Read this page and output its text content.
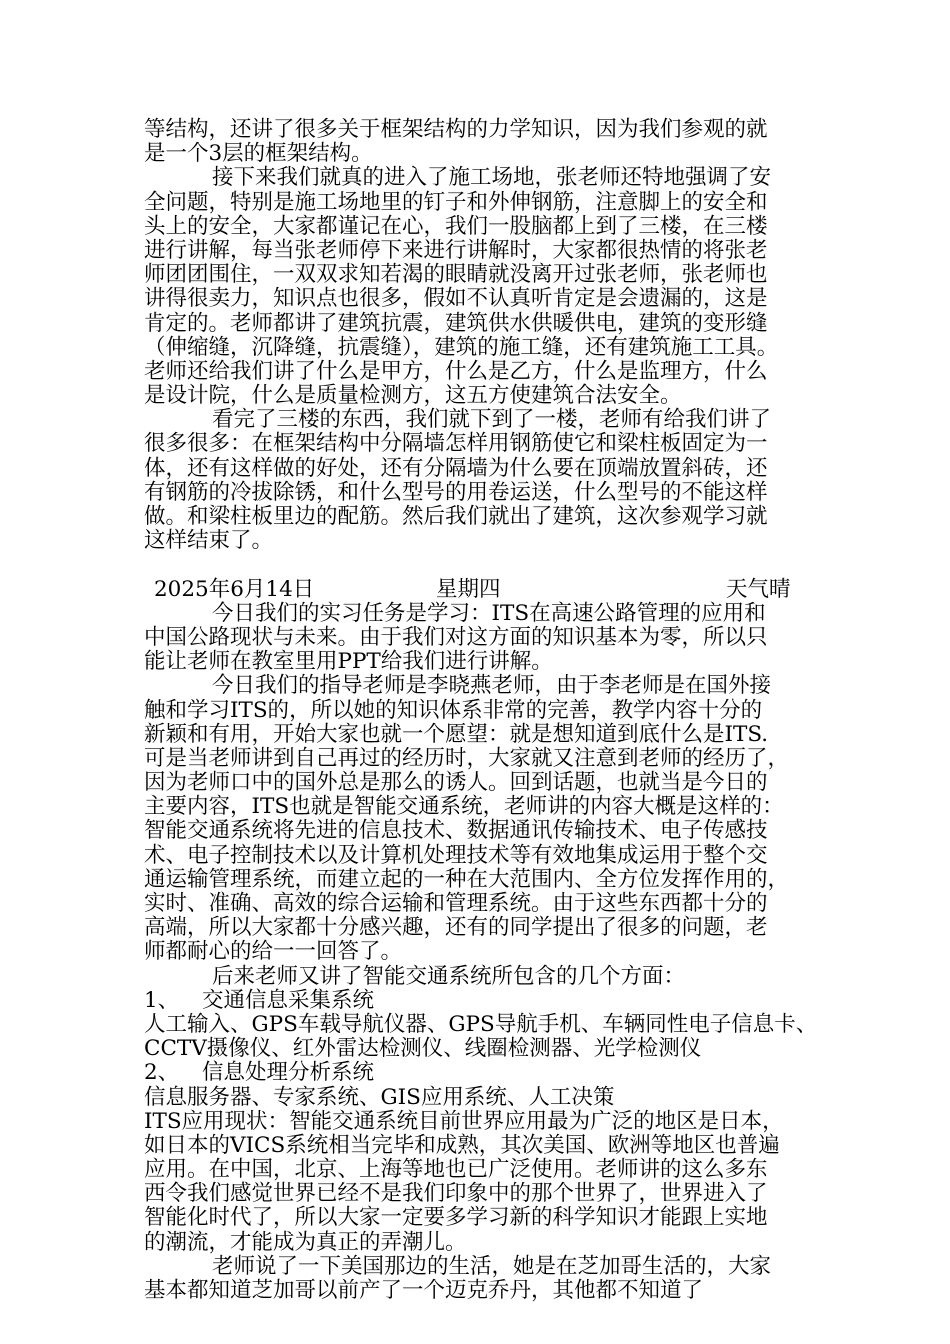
等结构，还讲了很多关于框架结构的力学知识，因为我们参观的就
是一个3层的框架结构。
接下来我们就真的进入了施工场地，张老师还特地强调了安
全问题，特别是施工场地里的钉子和外伸钢筋，注意脚上的安全和
头上的安全，大家都谨记在心，我们一股脑都上到了三楼，在三楼
进行讲解，每当张老师停下来进行讲解时，大家都很热情的将张老
师团团围住，一双双求知若渴的眼睛就没离开过张老师，张老师也
讲得很卖力，知识点也很多，假如不认真听肯定是会遗漏的，这是
肯定的。老师都讲了建筑抗震，建筑供水供暖供电，建筑的变形缝
（伸缩缝，沉降缝，抗震缝），建筑的施工缝，还有建筑施工工具。
老师还给我们讲了什么是甲方，什么是乙方，什么是监理方，什么
是设计院，什么是质量检测方，这五方使建筑合法安全。
看完了三楼的东西，我们就下到了一楼，老师有给我们讲了
很多很多：在框架结构中分隔墙怎样用钢筋使它和梁柱板固定为一
体，还有这样做的好处，还有分隔墙为什么要在顶端放置斜砖，还
有钢筋的冷拔除锈，和什么型号的用卷运送，什么型号的不能这样
做。和梁柱板里边的配筋。然后我们就出了建筑，这次参观学习就
这样结束了。
2025年6月14日	星期四	天气晴
今日我们的实习任务是学习：ITS在高速公路管理的应用和
中国公路现状与未来。由于我们对这方面的知识基本为零，所以只
能让老师在教室里用PPT给我们进行讲解。
今日我们的指导老师是李晓燕老师，由于李老师是在国外接
触和学习ITS的，所以她的知识体系非常的完善，教学内容十分的
新颖和有用，开始大家也就一个愿望：就是想知道到底什么是ITS.
可是当老师讲到自己再过的经历时，大家就又注意到老师的经历了，
因为老师口中的国外总是那么的诱人。回到话题，也就当是今日的
主要内容，ITS也就是智能交通系统，老师讲的内容大概是这样的：
智能交通系统将先进的信息技术、数据通讯传输技术、电子传感技
术、电子控制技术以及计算机处理技术等有效地集成运用于整个交
通运输管理系统，而建立起的一种在大范围内、全方位发挥作用的，
实时、准确、高效的综合运输和管理系统。由于这些东西都十分的
高端，所以大家都十分感兴趣，还有的同学提出了很多的问题，老
师都耐心的给一一回答了。
后来老师又讲了智能交通系统所包含的几个方面：
1、 交通信息采集系统
人工输入、GPS车载导航仪器、GPS导航手机、车辆同性电子信息卡、
CCTV摄像仪、红外雷达检测仪、线圈检测器、光学检测仪
2、 信息处理分析系统
信息服务器、专家系统、GIS应用系统、人工决策
ITS应用现状：智能交通系统目前世界应用最为广泛的地区是日本，
如日本的VICS系统相当完毕和成熟，其次美国、欧洲等地区也普遍
应用。在中国，北京、上海等地也已广泛使用。老师讲的这么多东
西令我们感觉世界已经不是我们印象中的那个世界了，世界进入了
智能化时代了，所以大家一定要多学习新的科学知识才能跟上实地
的潮流，才能成为真正的弄潮儿。
老师说了一下美国那边的生活，她是在芝加哥生活的，大家
基本都知道芝加哥以前产了一个迈克乔丹，其他都不知道了
